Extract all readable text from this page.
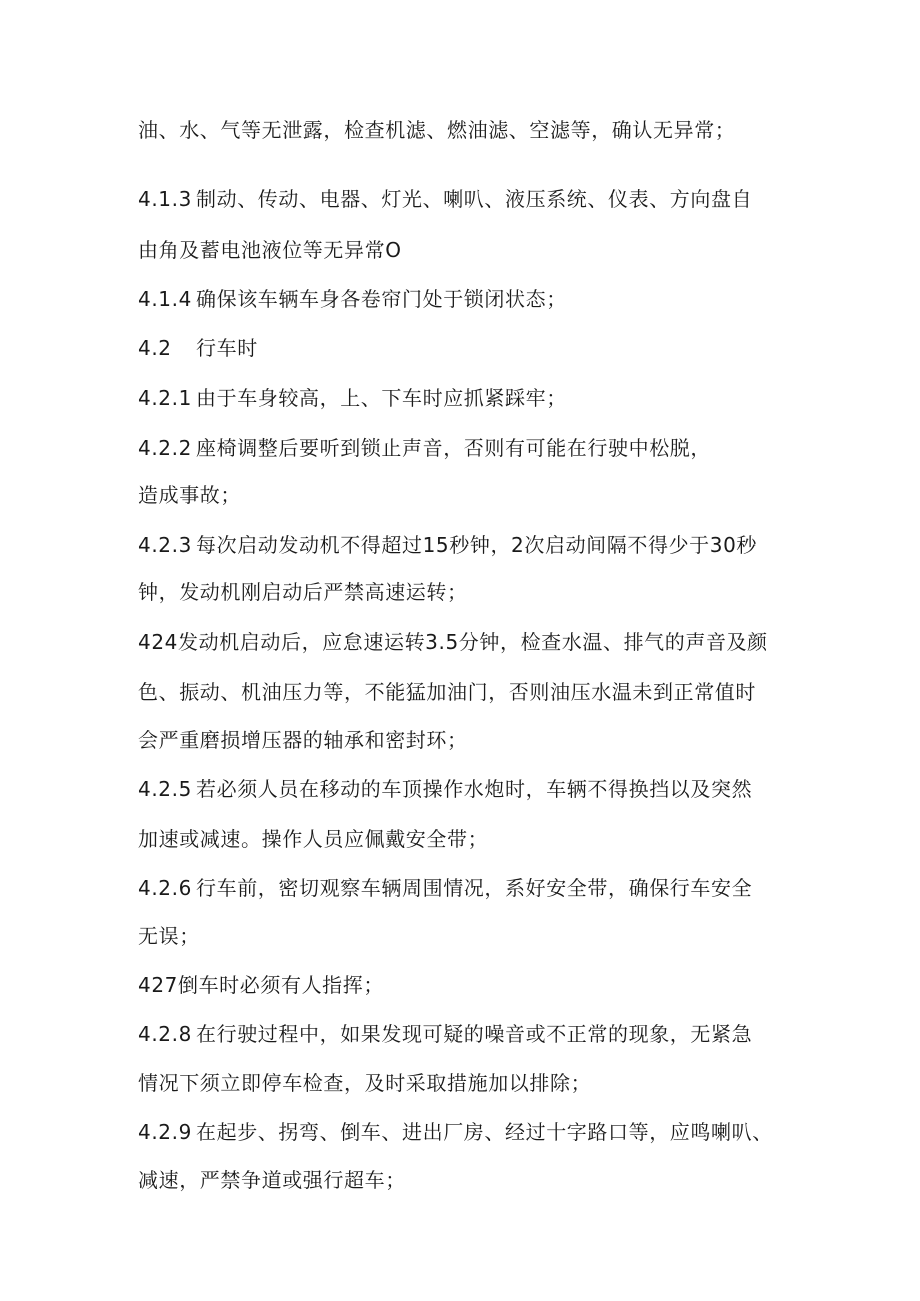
油、水、气等无泄露，检查机滤、燃油滤、空滤等，确认无异常；
4.1.3 制动、传动、电器、灯光、喇叭、液压系统、仪表、方向盘自
由角及蓄电池液位等无异常O
4.1.4 确保该车辆车身各卷帘门处于锁闭状态；
4.2 行车时
4.2.1 由于车身较高，上、下车时应抓紧踩牢；
4.2.2 座椅调整后要听到锁止声音，否则有可能在行驶中松脱，
造成事故；
4.2.3 每次启动发动机不得超过15秒钟，2次启动间隔不得少于30秒
钟，发动机刚启动后严禁高速运转；
424发动机启动后，应怠速运转3.5分钟，检查水温、排气的声音及颜
色、振动、机油压力等，不能猛加油门，否则油压水温未到正常值时
会严重磨损增压器的轴承和密封环；
4.2.5 若必须人员在移动的车顶操作水炮时，车辆不得换挡以及突然
加速或减速。操作人员应佩戴安全带；
4.2.6 行车前，密切观察车辆周围情况，系好安全带，确保行车安全
无误；
427倒车时必须有人指挥；
4.2.8 在行驶过程中，如果发现可疑的噪音或不正常的现象，无紧急
情况下须立即停车检查，及时采取措施加以排除；
4.2.9 在起步、拐弯、倒车、进出厂房、经过十字路口等，应鸣喇叭、
减速，严禁争道或强行超车；
